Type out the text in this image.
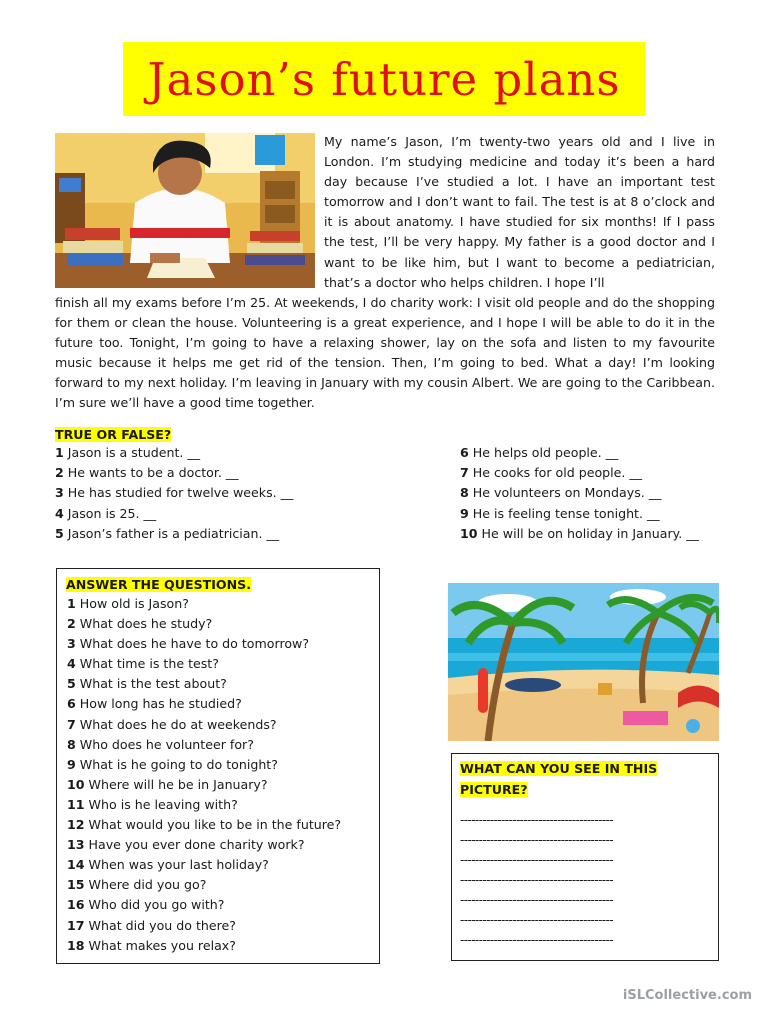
Jason’s future plans

My name’s Jason, I’m twenty-two years old and I live in London. I’m studying medicine and today it’s been a hard day because I’ve studied a lot. I have an important test tomorrow and I don’t want to fail. The test is at 8 o’clock and it is about anatomy. I have studied for six months! If I pass the test, I’ll be very happy. My father is a good doctor and I want to be like him, but I want to become a pediatrician, that’s a doctor who helps children. I hope I’ll

finish all my exams before I’m 25. At weekends, I do charity work: I visit old people and do the shopping for them or clean the house. Volunteering is a great experience, and I hope I will be able to do it in the future too. Tonight, I’m going to have a relaxing shower, lay on the sofa and listen to my favourite music because it helps me get rid of the tension. Then, I’m going to bed. What a day! I’m looking forward to my next holiday. I’m leaving in January with my cousin Albert. We are going to the Caribbean. I’m sure we’ll have a good time together.

TRUE OR FALSE?
1 Jason is a student. __
2 He wants to be a doctor. __
3 He has studied for twelve weeks. __
4 Jason is 25. __
5 Jason’s father is a pediatrician. __
6 He helps old people. __
7 He cooks for old people. __
8 He volunteers on Mondays. __
9 He is feeling tense tonight. __
10 He will be on holiday in January. __
ANSWER THE QUESTIONS.
1 How old is Jason?
2 What does he study?
3 What does he have to do tomorrow?
4 What time is the test?
5 What is the test about?
6 How long has he studied?
7 What does he do at weekends?
8 Who does he volunteer for?
9 What is he going to do tonight?
10 Where will he be in January?
11 Who is he leaving with?
12 What would you like to be in the future?
13 Have you ever done charity work?
14 When was your last holiday?
15 Where did you go?
16 Who did you go with?
17 What did you do there?
18 What makes you relax?
WHAT CAN YOU SEE IN THIS
PICTURE?
-----------------------------------------
-----------------------------------------
-----------------------------------------
-----------------------------------------
-----------------------------------------
-----------------------------------------
-----------------------------------------
iSLCollective.com
